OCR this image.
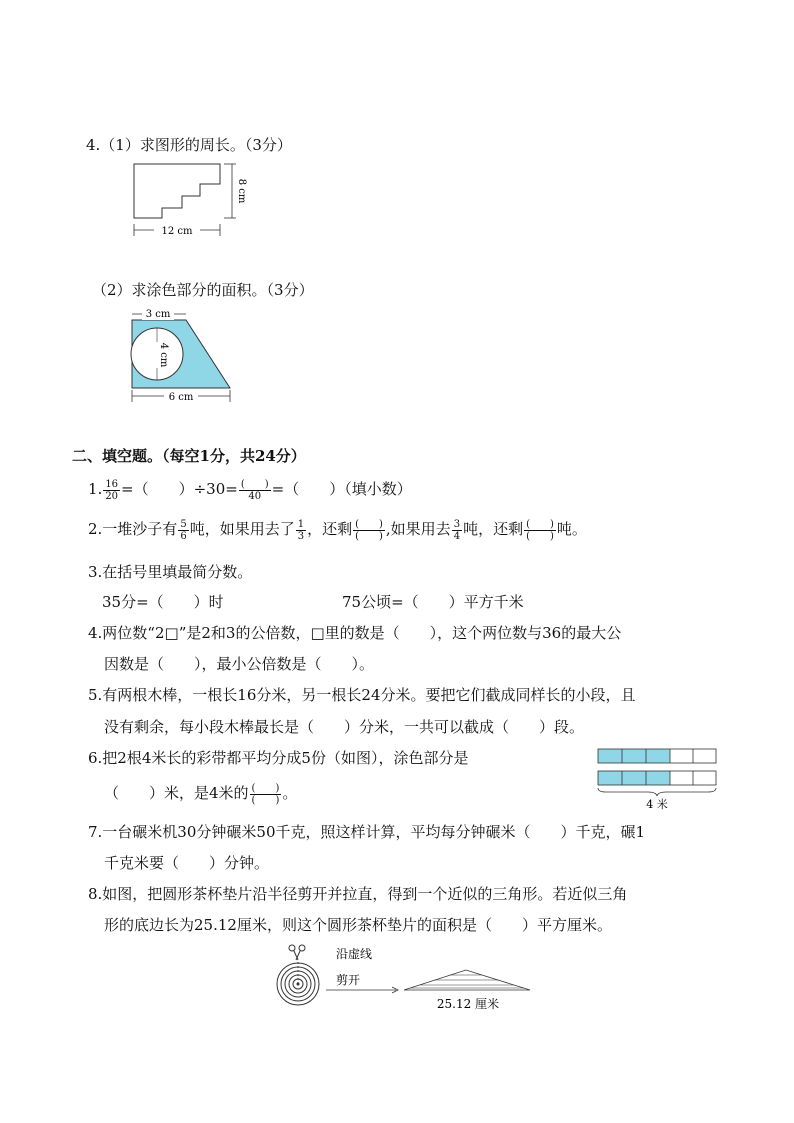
4.（1）求图形的周长。（3分）
12 cm
8 cm
（2）求涂色部分的面积。（3分）
3 cm
4 cm
6 cm
二、填空题。（每空1分，共24分）
1. $\frac{16}{20}$ =（　　）$\div 30= \frac{( )}{40}$ =（　　）（填小数）
2.一堆沙子有 $\frac{5}{6}$ 吨，如果用去了 $\frac{1}{3}$ ，还剩 $\frac{( )}{( )}$ ,如果用去 $\frac{3}{4}$ 吨，还剩 $\frac{( )}{( )}$ 吨。
3.在括号里填最简分数。
35分=（　　）时	75公顷=（　　）平方千米
4.两位数“2□”是2和3的公倍数，□里的数是（　　），这个两位数与36的最大公
因数是（　　），最小公倍数是（　　）。
5.有两根木棒，一根长16分米，另一根长24分米。要把它们截成同样长的小段，且
没有剩余，每小段木棒最长是（　　）分米，一共可以截成（　　）段。
6.把2根4米长的彩带都平均分成5份（如图），涂色部分是
（　　）米，是4米的 $\frac{( )}{( )}$ 。
4 米
7.一台碾米机30分钟碾米50千克，照这样计算，平均每分钟碾米（　　）千克，碾1
千克米要（　　）分钟。
8.如图，把圆形茶杯垫片沿半径剪开并拉直，得到一个近似的三角形。若近似三角
形的底边长为25.12厘米，则这个圆形茶杯垫片的面积是（　　）平方厘米。
沿虚线
剪开
25.12 厘米
